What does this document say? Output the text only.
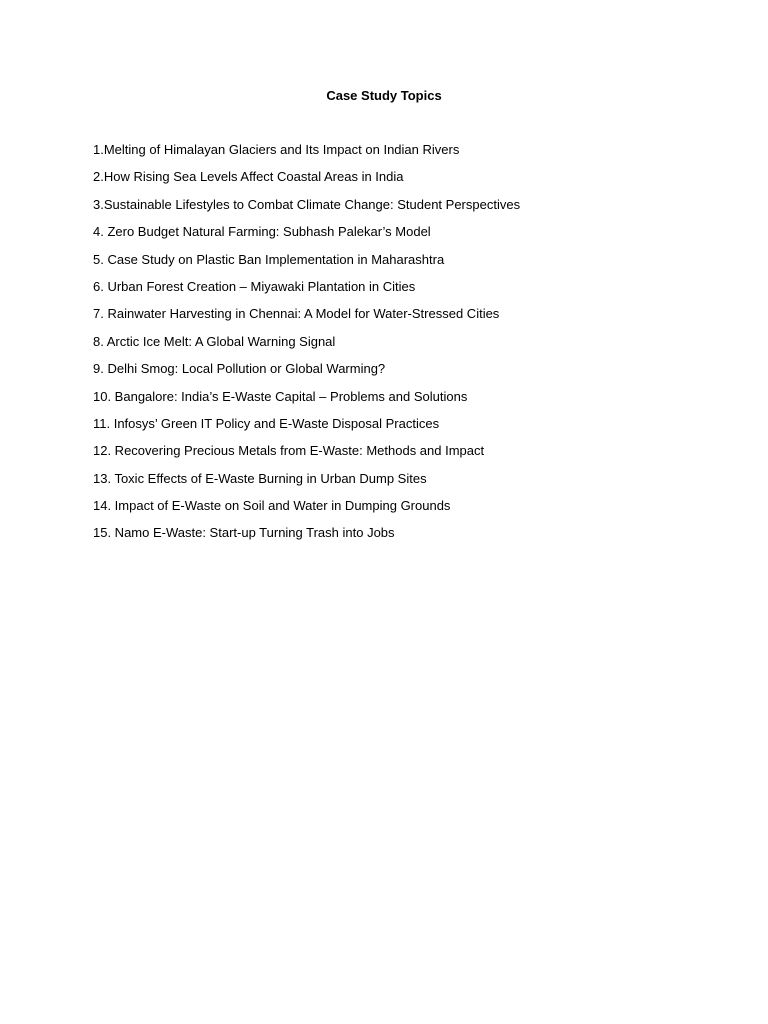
Case Study Topics
1.Melting of Himalayan Glaciers and Its Impact on Indian Rivers
2.How Rising Sea Levels Affect Coastal Areas in India
3.Sustainable Lifestyles to Combat Climate Change: Student Perspectives
4. Zero Budget Natural Farming: Subhash Palekar’s Model
5. Case Study on Plastic Ban Implementation in Maharashtra
6. Urban Forest Creation – Miyawaki Plantation in Cities
7. Rainwater Harvesting in Chennai: A Model for Water-Stressed Cities
8. Arctic Ice Melt: A Global Warning Signal
9. Delhi Smog: Local Pollution or Global Warming?
10. Bangalore: India’s E-Waste Capital – Problems and Solutions
11. Infosys’ Green IT Policy and E-Waste Disposal Practices
12. Recovering Precious Metals from E-Waste: Methods and Impact
13. Toxic Effects of E-Waste Burning in Urban Dump Sites
14. Impact of E-Waste on Soil and Water in Dumping Grounds
15. Namo E-Waste: Start-up Turning Trash into Jobs
